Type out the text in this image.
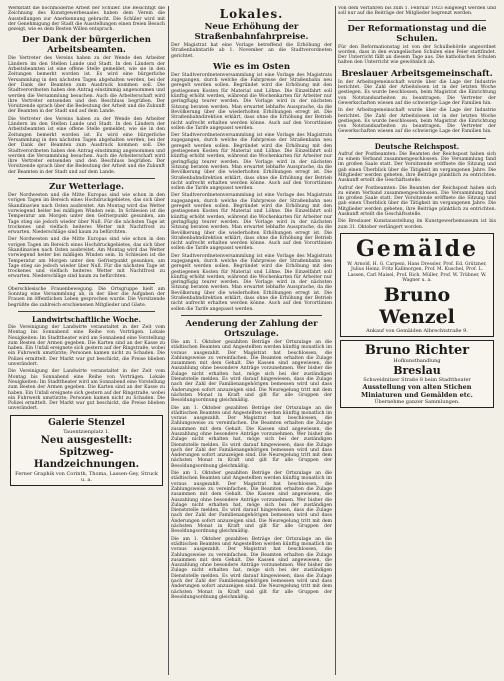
Werkstatt die hochmoderne Arbeit der Schüler. Die Besichtigt die Zeichnung des Kunstgewerbesaales haben dem Verein die Ausstellungen zur Anerkennung gebracht. Die Schüler wird mit der Genehmigung der Stadt die Ausstellungen einen freien Besuch gezeigt, wie es dem Besten Willen entsprach.
Der Dank der bürgerlichen Arbeitsbeamten.
Die Vertreter des Vereins haben zu der Wende den Arbeiter Ländern im den Stellen Lande und Stadt. In den Ländern der Arbeitsbeamten ist eine offene Stelle gemeldet, wie sie in den Zeitungen bemerkt worden ist. Es wird eine bürgerliche Versammlung in den nächsten Tagen abgehalten werden, bei der der Dank der Beamten zum Ausdruck kommen soll. Die Stadtverordneten haben den Antrag einstimmig angenommen und werden die Versammlung besuchen. Auch die Arbeiterschaft wird ihre Vertreter entsenden und den Beschluss begrüßen. Der Vorsitzende sprach über die Bedeutung der Arbeit und die Zukunft der Beamten in der Stadt und auf dem Lande.
Die Vertreter des Vereins haben zu der Wende den Arbeiter Ländern im den Stellen Lande und Stadt. In den Ländern der Arbeitsbeamten ist eine offene Stelle gemeldet, wie sie in den Zeitungen bemerkt worden ist. Es wird eine bürgerliche Versammlung in den nächsten Tagen abgehalten werden, bei der der Dank der Beamten zum Ausdruck kommen soll. Die Stadtverordneten haben den Antrag einstimmig angenommen und werden die Versammlung besuchen. Auch die Arbeiterschaft wird ihre Vertreter entsenden und den Beschluss begrüßen. Der Vorsitzende sprach über die Bedeutung der Arbeit und die Zukunft der Beamten in der Stadt und auf dem Lande.
Zur Wetterlage.
Der Nordwesten und die Mitte Europas sind wie schon in den vorigen Tagen im Bereich eines Hochdruckgebietes, das sich über Skandinavien nach Osten ausbreitet. Am Montag wird das Wetter vorwiegend heiter bei mäßigen Winden sein. In Schlesien ist die Temperatur am Morgen unter den Gefrierpunkt gesunken, am Tage stieg sie jedoch wieder über Null. Für die nächsten Tage ist trockenes und vielfach heiteres Wetter mit Nachtfrost zu erwarten. Niederschläge sind kaum zu befürchten.
Der Nordwesten und die Mitte Europas sind wie schon in den vorigen Tagen im Bereich eines Hochdruckgebietes, das sich über Skandinavien nach Osten ausbreitet. Am Montag wird das Wetter vorwiegend heiter bei mäßigen Winden sein. In Schlesien ist die Temperatur am Morgen unter den Gefrierpunkt gesunken, am Tage stieg sie jedoch wieder über Null. Für die nächsten Tage ist trockenes und vielfach heiteres Wetter mit Nachtfrost zu erwarten. Niederschläge sind kaum zu befürchten.
Oberschlesische Frauenbewegung. Die Ortsgruppe hielt am Sonntag eine Versammlung ab, in der über die Aufgaben der Frauen im öffentlichen Leben gesprochen wurde. Die Vorsitzende begrüßte die zahlreich erschienenen Mitglieder und Gäste.
Landwirtschaftliche Woche.
Die Vereinigung der Landwirte veranstaltet in der Zeit vom Montag bis Sonnabend eine Reihe von Vorträgen. Lokale Neuigkeiten: Im Stadttheater wird am Sonnabend eine Vorstellung zum Besten der Armen gegeben. Die Karten sind an der Kasse zu haben. Ein Unfall ereignete sich gestern auf der Ringstraße, wobei ein Fuhrwerk umstürzte; Personen kamen nicht zu Schaden. Die Polizei ermittelt. Der Markt war gut beschickt, die Preise blieben unverändert.
Die Vereinigung der Landwirte veranstaltet in der Zeit vom Montag bis Sonnabend eine Reihe von Vorträgen. Lokale Neuigkeiten: Im Stadttheater wird am Sonnabend eine Vorstellung zum Besten der Armen gegeben. Die Karten sind an der Kasse zu haben. Ein Unfall ereignete sich gestern auf der Ringstraße, wobei ein Fuhrwerk umstürzte; Personen kamen nicht zu Schaden. Die Polizei ermittelt. Der Markt war gut beschickt, die Preise blieben unverändert.
Galerie Stenzel
Tauentzienplatz 1.
Neu ausgestellt:
Spitzweg-Handzeichnungen.
Ferner Graphik von Corinth, Thoma, Lassen-Gey, Struck u. a.
Lokales.
Neue Erhöhung der Straßenbahnfahrpreise.
Der Magistrat hat eine Vorlage betreffend die Erhöhung der Straßenbahntarife ab 1. November an die Stadtverordneten gerichtet.
Wie es im Osten
Der Stadtverordnetenversammlung ist eine Vorlage des Magistrats zugegangen, durch welche die Fahrpreise der Straßenbahn neu geregelt werden sollen. Begründet wird die Erhöhung mit den gestiegenen Kosten für Material und Löhne. Die Einzelfahrt soll künftig erhöht werden, während die Wochenkarten für Arbeiter nur geringfügig teurer werden. Die Vorlage wird in der nächsten Sitzung beraten werden. Man erwartet lebhafte Aussprache, da die Bevölkerung über die wiederholten Erhöhungen erregt ist. Die Straßenbahndirektion erklärt, dass ohne die Erhöhung der Betrieb nicht aufrecht erhalten werden könne. Auch auf den Vorortlinien sollen die Tarife angepasst werden.
Der Stadtverordnetenversammlung ist eine Vorlage des Magistrats zugegangen, durch welche die Fahrpreise der Straßenbahn neu geregelt werden sollen. Begründet wird die Erhöhung mit den gestiegenen Kosten für Material und Löhne. Die Einzelfahrt soll künftig erhöht werden, während die Wochenkarten für Arbeiter nur geringfügig teurer werden. Die Vorlage wird in der nächsten Sitzung beraten werden. Man erwartet lebhafte Aussprache, da die Bevölkerung über die wiederholten Erhöhungen erregt ist. Die Straßenbahndirektion erklärt, dass ohne die Erhöhung der Betrieb nicht aufrecht erhalten werden könne. Auch auf den Vorortlinien sollen die Tarife angepasst werden.
Der Stadtverordnetenversammlung ist eine Vorlage des Magistrats zugegangen, durch welche die Fahrpreise der Straßenbahn neu geregelt werden sollen. Begründet wird die Erhöhung mit den gestiegenen Kosten für Material und Löhne. Die Einzelfahrt soll künftig erhöht werden, während die Wochenkarten für Arbeiter nur geringfügig teurer werden. Die Vorlage wird in der nächsten Sitzung beraten werden. Man erwartet lebhafte Aussprache, da die Bevölkerung über die wiederholten Erhöhungen erregt ist. Die Straßenbahndirektion erklärt, dass ohne die Erhöhung der Betrieb nicht aufrecht erhalten werden könne. Auch auf den Vorortlinien sollen die Tarife angepasst werden.
Der Stadtverordnetenversammlung ist eine Vorlage des Magistrats zugegangen, durch welche die Fahrpreise der Straßenbahn neu geregelt werden sollen. Begründet wird die Erhöhung mit den gestiegenen Kosten für Material und Löhne. Die Einzelfahrt soll künftig erhöht werden, während die Wochenkarten für Arbeiter nur geringfügig teurer werden. Die Vorlage wird in der nächsten Sitzung beraten werden. Man erwartet lebhafte Aussprache, da die Bevölkerung über die wiederholten Erhöhungen erregt ist. Die Straßenbahndirektion erklärt, dass ohne die Erhöhung der Betrieb nicht aufrecht erhalten werden könne. Auch auf den Vorortlinien sollen die Tarife angepasst werden.
Aenderung der Zahlung der Ortszulage.
Die am 1. Oktober gezahlten Beträge der Ortszulage an die städtischen Beamten und Angestellten werden künftig monatlich im voraus ausgezahlt. Der Magistrat hat beschlossen, die Zahlungsweise zu vereinfachen. Die Beamten erhalten die Zulage zusammen mit dem Gehalt. Die Kassen sind angewiesen, die Auszahlung ohne besondere Anträge vorzunehmen. Wer bisher die Zulage nicht erhalten hat, möge sich bei der zuständigen Dienststelle melden. Es wird darauf hingewiesen, dass die Zulage nach der Zahl der Familienangehörigen bemessen wird und dass Änderungen sofort anzuzeigen sind. Die Neuregelung tritt mit dem nächsten Monat in Kraft und gilt für alle Gruppen der Besoldungsordnung gleichmäßig.
Die am 1. Oktober gezahlten Beträge der Ortszulage an die städtischen Beamten und Angestellten werden künftig monatlich im voraus ausgezahlt. Der Magistrat hat beschlossen, die Zahlungsweise zu vereinfachen. Die Beamten erhalten die Zulage zusammen mit dem Gehalt. Die Kassen sind angewiesen, die Auszahlung ohne besondere Anträge vorzunehmen. Wer bisher die Zulage nicht erhalten hat, möge sich bei der zuständigen Dienststelle melden. Es wird darauf hingewiesen, dass die Zulage nach der Zahl der Familienangehörigen bemessen wird und dass Änderungen sofort anzuzeigen sind. Die Neuregelung tritt mit dem nächsten Monat in Kraft und gilt für alle Gruppen der Besoldungsordnung gleichmäßig.
Die am 1. Oktober gezahlten Beträge der Ortszulage an die städtischen Beamten und Angestellten werden künftig monatlich im voraus ausgezahlt. Der Magistrat hat beschlossen, die Zahlungsweise zu vereinfachen. Die Beamten erhalten die Zulage zusammen mit dem Gehalt. Die Kassen sind angewiesen, die Auszahlung ohne besondere Anträge vorzunehmen. Wer bisher die Zulage nicht erhalten hat, möge sich bei der zuständigen Dienststelle melden. Es wird darauf hingewiesen, dass die Zulage nach der Zahl der Familienangehörigen bemessen wird und dass Änderungen sofort anzuzeigen sind. Die Neuregelung tritt mit dem nächsten Monat in Kraft und gilt für alle Gruppen der Besoldungsordnung gleichmäßig.
Die am 1. Oktober gezahlten Beträge der Ortszulage an die städtischen Beamten und Angestellten werden künftig monatlich im voraus ausgezahlt. Der Magistrat hat beschlossen, die Zahlungsweise zu vereinfachen. Die Beamten erhalten die Zulage zusammen mit dem Gehalt. Die Kassen sind angewiesen, die Auszahlung ohne besondere Anträge vorzunehmen. Wer bisher die Zulage nicht erhalten hat, möge sich bei der zuständigen Dienststelle melden. Es wird darauf hingewiesen, dass die Zulage nach der Zahl der Familienangehörigen bemessen wird und dass Änderungen sofort anzuzeigen sind. Die Neuregelung tritt mit dem nächsten Monat in Kraft und gilt für alle Gruppen der Besoldungsordnung gleichmäßig.
Von dem Verfahren bis zum 1. Februar 1923 eingelegt werden und soll nur auf die Beiträge der Mitglieder begrenzt werden.
Der Reformationstag und die Schulen.
Für den Reformationstag ist von der Schulbehörde angeordnet worden, dass in den evangelischen Schulen eine Feier stattfindet. Der Unterricht fällt an diesem Tage aus. Die katholischen Schulen halten den Unterricht wie gewöhnlich ab.
Breslauer Arbeitsgemeinschaft.
In der Arbeitsgemeinschaft wurde über die Lage der Industrie berichtet. Die Zahl der Arbeitslosen ist in der letzten Woche gestiegen. Es wurde beschlossen, beim Magistrat die Einrichtung von Notstandsarbeiten zu beantragen. Die Vertreter der Gewerkschaften wiesen auf die schwierige Lage der Familien hin.
In der Arbeitsgemeinschaft wurde über die Lage der Industrie berichtet. Die Zahl der Arbeitslosen ist in der letzten Woche gestiegen. Es wurde beschlossen, beim Magistrat die Einrichtung von Notstandsarbeiten zu beantragen. Die Vertreter der Gewerkschaften wiesen auf die schwierige Lage der Familien hin.
Deutsche Reichspost.
Aufruf der Postbeamten: Die Beamten der Reichspost haben sich zu einem Verband zusammengeschlossen. Die Versammlung fand im großen Saale statt. Der Vorsitzende eröffnete die Sitzung und gab einen Überblick über die Tätigkeit im vergangenen Jahre. Die Mitglieder werden gebeten, ihre Beiträge pünktlich zu entrichten. Auskunft erteilt die Geschäftsstelle.
Aufruf der Postbeamten: Die Beamten der Reichspost haben sich zu einem Verband zusammengeschlossen. Die Versammlung fand im großen Saale statt. Der Vorsitzende eröffnete die Sitzung und gab einen Überblick über die Tätigkeit im vergangenen Jahre. Die Mitglieder werden gebeten, ihre Beiträge pünktlich zu entrichten. Auskunft erteilt die Geschäftsstelle.
Die Breslauer Kunstausstellung im Kunstgewerbemuseum ist bis zum 31. Oktober verlängert worden.
Gemälde
W. Arnold, H. G. Carpeni, Hans Dressler, Prof. Ed. Grützner, Julius Heinz, Fritz Kallmorgen, Prof. M. Kuschel, Prof. L. Lassen, Carl Maisel, Prof. Rich. Müller, Prof. W. Trübner, W. Wagner u. a.
Bruno Wenzel
Ankauf von Gemälden Albrechtstraße 9.
Bruno Richter
Hofkunsthandlung
Breslau
Schweidnitzer Straße 8 beim Stadttheater
Ausstellung von alten Stichen
Miniaturen und Gemälden etc.
Übernehme ganzer Sammlungen.
